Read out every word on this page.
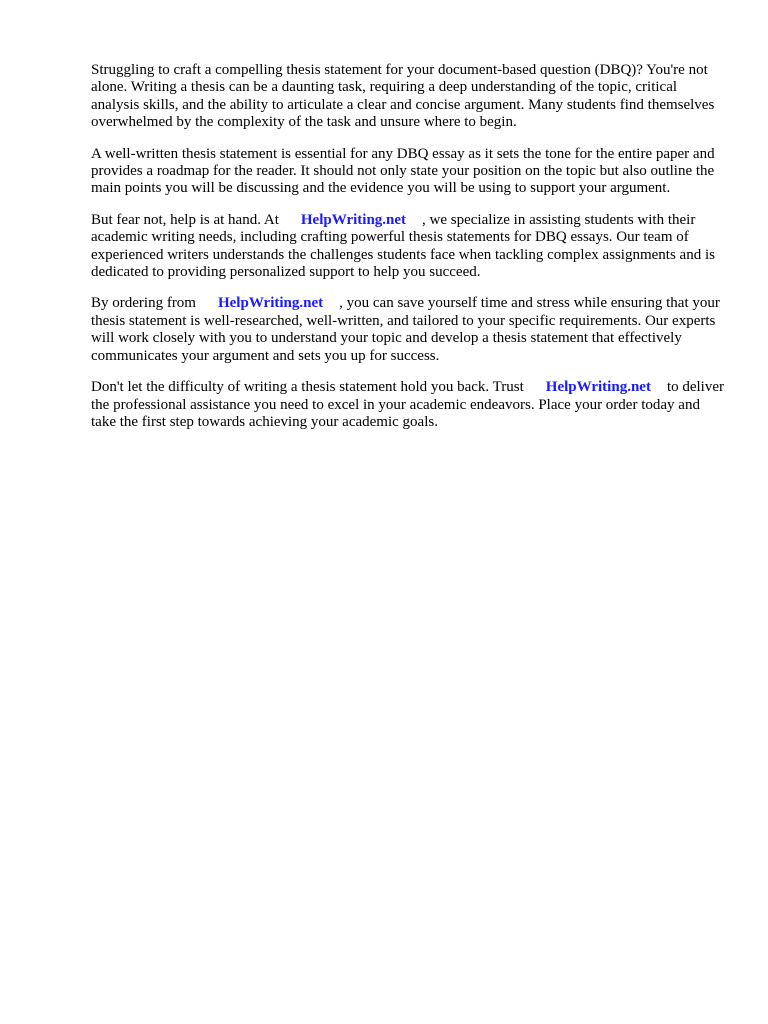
Struggling to craft a compelling thesis statement for your document-based question (DBQ)? You're not alone. Writing a thesis can be a daunting task, requiring a deep understanding of the topic, critical analysis skills, and the ability to articulate a clear and concise argument. Many students find themselves overwhelmed by the complexity of the task and unsure where to begin.

A well-written thesis statement is essential for any DBQ essay as it sets the tone for the entire paper and provides a roadmap for the reader. It should not only state your position on the topic but also outline the main points you will be discussing and the evidence you will be using to support your argument.

But fear not, help is at hand. At HelpWriting.net , we specialize in assisting students with their academic writing needs, including crafting powerful thesis statements for DBQ essays. Our team of experienced writers understands the challenges students face when tackling complex assignments and is dedicated to providing personalized support to help you succeed.

By ordering from HelpWriting.net , you can save yourself time and stress while ensuring that your thesis statement is well-researched, well-written, and tailored to your specific requirements. Our experts will work closely with you to understand your topic and develop a thesis statement that effectively communicates your argument and sets you up for success.

Don't let the difficulty of writing a thesis statement hold you back. Trust HelpWriting.net to deliver the professional assistance you need to excel in your academic endeavors. Place your order today and take the first step towards achieving your academic goals.
